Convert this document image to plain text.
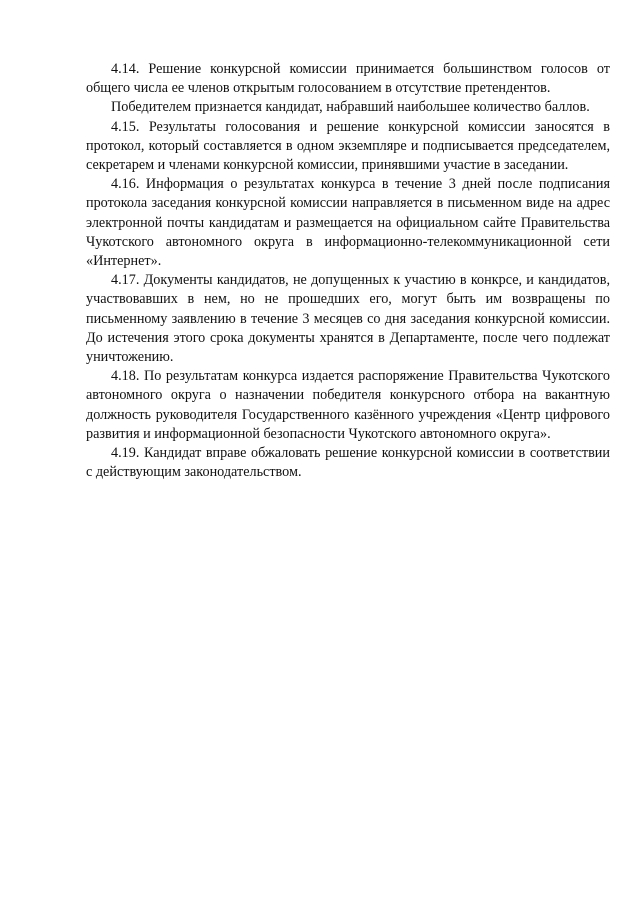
4.14. Решение конкурсной комиссии принимается большинством голосов от общего числа ее членов открытым голосованием в отсутствие претендентов.

Победителем признается кандидат, набравший наибольшее количество баллов.

4.15. Результаты голосования и решение конкурсной комиссии заносятся в протокол, который составляется в одном экземпляре и подписывается председателем, секретарем и членами конкурсной комиссии, принявшими участие в заседании.

4.16. Информация о результатах конкурса в течение 3 дней после подписания протокола заседания конкурсной комиссии направляется в письменном виде на адрес электронной почты кандидатам и размещается на официальном сайте Правительства Чукотского автономного округа в информационно-телекоммуникационной сети «Интернет».

4.17. Документы кандидатов, не допущенных к участию в конкрсе, и кандидатов, участвовавших в нем, но не прошедших его, могут быть им возвращены по письменному заявлению в течение 3 месяцев со дня заседания конкурсной комиссии. До истечения этого срока документы хранятся в Департаменте, после чего подлежат уничтожению.

4.18. По результатам конкурса издается распоряжение Правительства Чукотского автономного округа о назначении победителя конкурсного отбора на вакантную должность руководителя Государственного казённого учреждения «Центр цифрового развития и информационной безопасности Чукотского автономного округа».

4.19. Кандидат вправе обжаловать решение конкурсной комиссии в соответствии с действующим законодательством.
